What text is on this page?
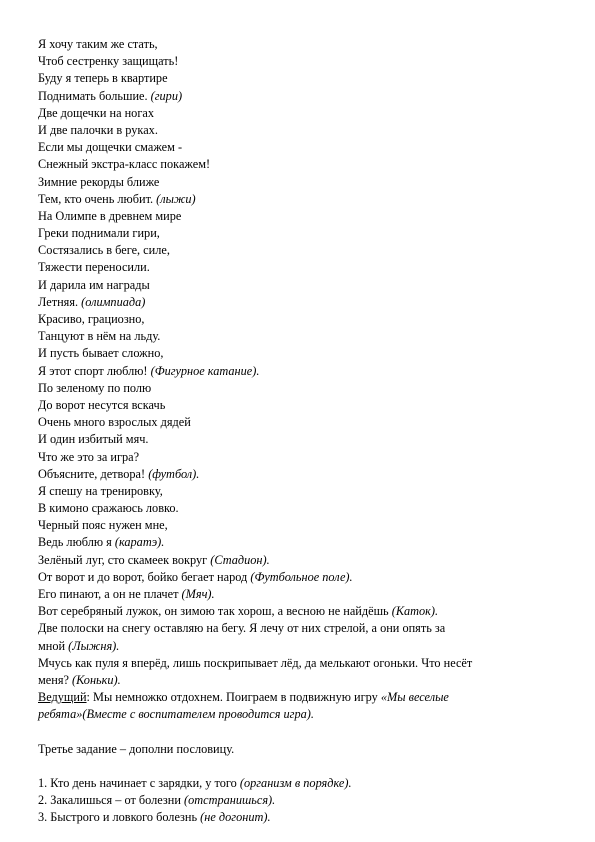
Я хочу таким же стать,
Чтоб сестренку защищать!
Буду я теперь в квартире
Поднимать большие. (гири)
Две дощечки на ногах
И две палочки в руках.
Если мы дощечки смажем -
Снежный экстра-класс покажем!
Зимние рекорды ближе
Тем, кто очень любит. (лыжи)
На Олимпе в древнем мире
Греки поднимали гири,
Состязались в беге, силе,
Тяжести переносили.
И дарила им награды
Летняя. (олимпиада)
Красиво, грациозно,
Танцуют в нём на льду.
И пусть бывает сложно,
Я этот спорт люблю! (Фигурное катание).
По зеленому по полю
До ворот несутся вскачь
Очень много взрослых дядей
И один избитый мяч.
Что же это за игра?
Объясните, детвора! (футбол).
Я спешу на тренировку,
В кимоно сражаюсь ловко.
Черный пояс нужен мне,
Ведь люблю я (каратэ).
Зелёный луг, сто скамеек вокруг (Стадион).
От ворот и до ворот, бойко бегает народ (Футбольное поле).
Его пинают, а он не плачет (Мяч).
Вот серебряный лужок, он зимою так хорош, а весною не найдёшь (Каток).
Две полоски на снегу оставляю на бегу. Я лечу от них стрелой, а они опять за
мной (Лыжня).
Мчусь как пуля я вперёд, лишь поскрипывает лёд, да мелькают огоньки. Что несёт
меня? (Коньки).
Ведущий: Мы немножко отдохнем. Поиграем в подвижную игру «Мы веселые
ребята»(Вместе с воспитателем проводится игра).
Третье задание – дополни пословицу.
1. Кто день начинает с зарядки, у того (организм в порядке).
2. Закалишься – от болезни (отстранишься).
3. Быстрого и ловкого болезнь (не догонит).
